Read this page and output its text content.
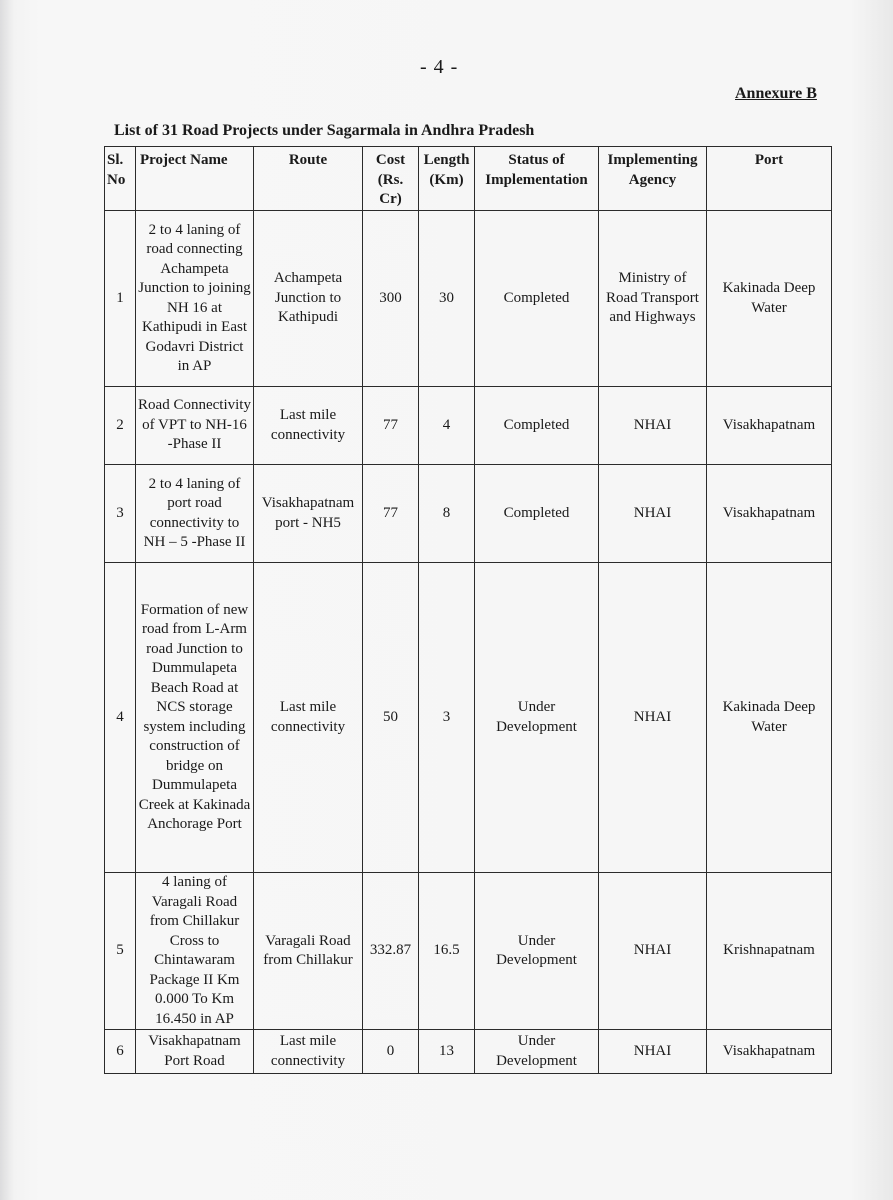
- 4 -
Annexure B
List of 31 Road Projects under Sagarmala in Andhra Pradesh
Sl. No	Project Name	Route	Cost (Rs. Cr)	Length (Km)	Status of Implementation	Implementing Agency	Port
1	2 to 4 laning of road connecting Achampeta Junction to joining NH 16 at Kathipudi in East Godavri District in AP	Achampeta Junction to Kathipudi	300	30	Completed	Ministry of Road Transport and Highways	Kakinada Deep Water
2	Road Connectivity of VPT to NH-16 -Phase II	Last mile connectivity	77	4	Completed	NHAI	Visakhapatnam
3	2 to 4 laning of port road connectivity to NH – 5 -Phase II	Visakhapatnam port - NH5	77	8	Completed	NHAI	Visakhapatnam
4	Formation of new road from L-Arm road Junction to Dummulapeta Beach Road at NCS storage system including construction of bridge on Dummulapeta Creek at Kakinada Anchorage Port	Last mile connectivity	50	3	Under Development	NHAI	Kakinada Deep Water
5	4 laning of Varagali Road from Chillakur Cross to Chintawaram Package II Km 0.000 To Km 16.450 in AP	Varagali Road from Chillakur	332.87	16.5	Under Development	NHAI	Krishnapatnam
6	Visakhapatnam Port Road	Last mile connectivity	0	13	Under Development	NHAI	Visakhapatnam
